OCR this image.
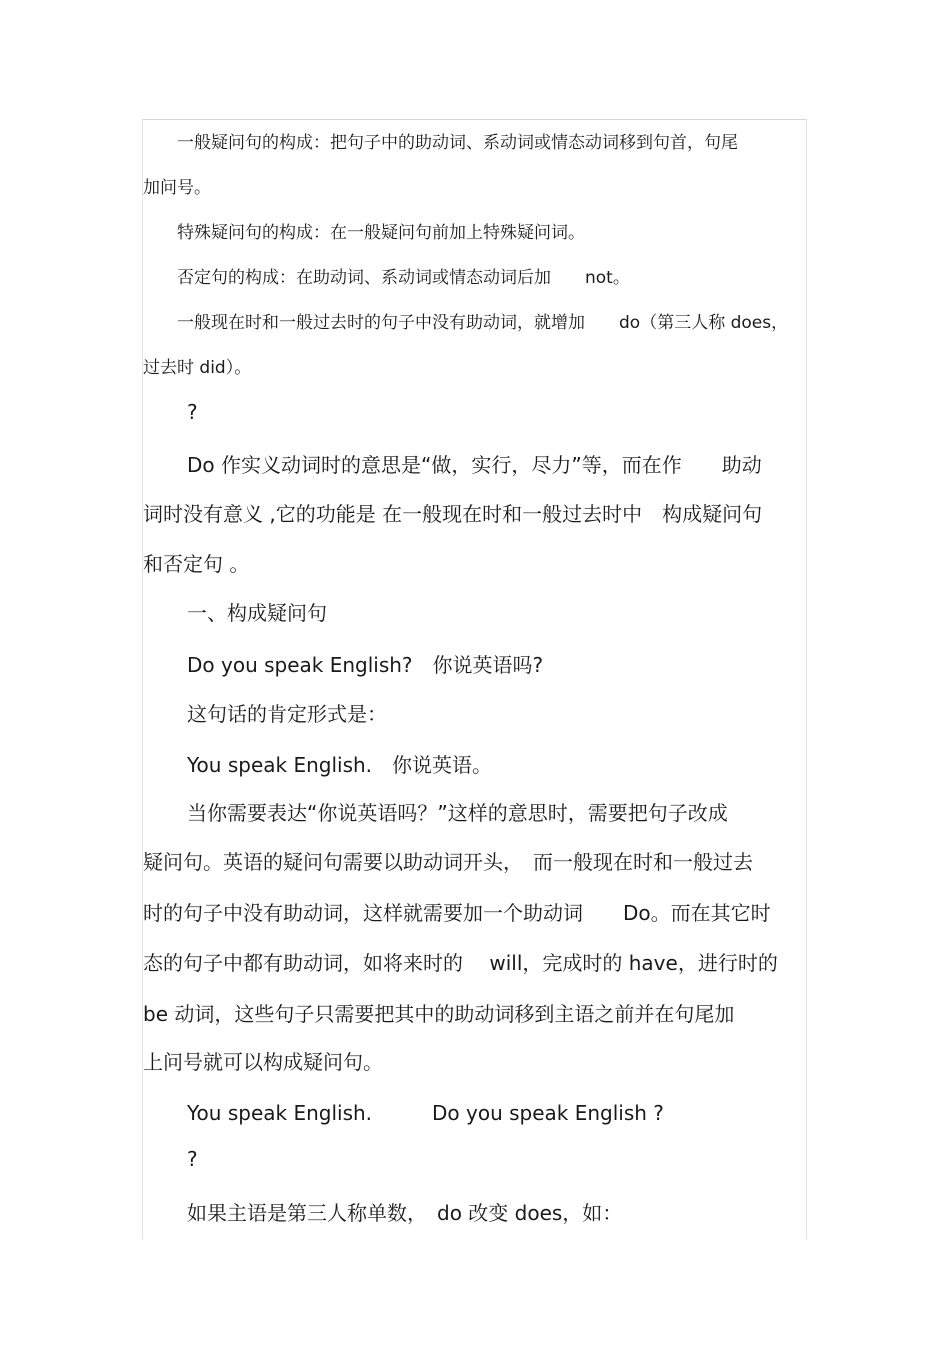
一般疑问句的构成：把句子中的助动词、系动词或情态动词移到句首，句尾
加问号。
特殊疑问句的构成：在一般疑问句前加上特殊疑问词。
否定句的构成：在助动词、系动词或情态动词后加　　not。
一般现在时和一般过去时的句子中没有助动词，就增加　　do（第三人称 does，
过去时 did）。
?
Do 作实义动词时的意思是“做，实行，尽力”等，而在作　　助动
词时没有意义 ,它的功能是 在一般现在时和一般过去时中　构成疑问句
和否定句 。
一、构成疑问句
Do you speak English?　你说英语吗?
这句话的肯定形式是：
You speak English.　你说英语。
当你需要表达“你说英语吗？”这样的意思时，需要把句子改成
疑问句。英语的疑问句需要以助动词开头，　而一般现在时和一般过去
时的句子中没有助动词，这样就需要加一个助动词　　Do。而在其它时
态的句子中都有助动词，如将来时的　 will，完成时的 have，进行时的
be 动词，这些句子只需要把其中的助动词移到主语之前并在句尾加
上问号就可以构成疑问句。
You speak English.　　　Do you speak English ?
?
如果主语是第三人称单数，　do 改变 does，如：
